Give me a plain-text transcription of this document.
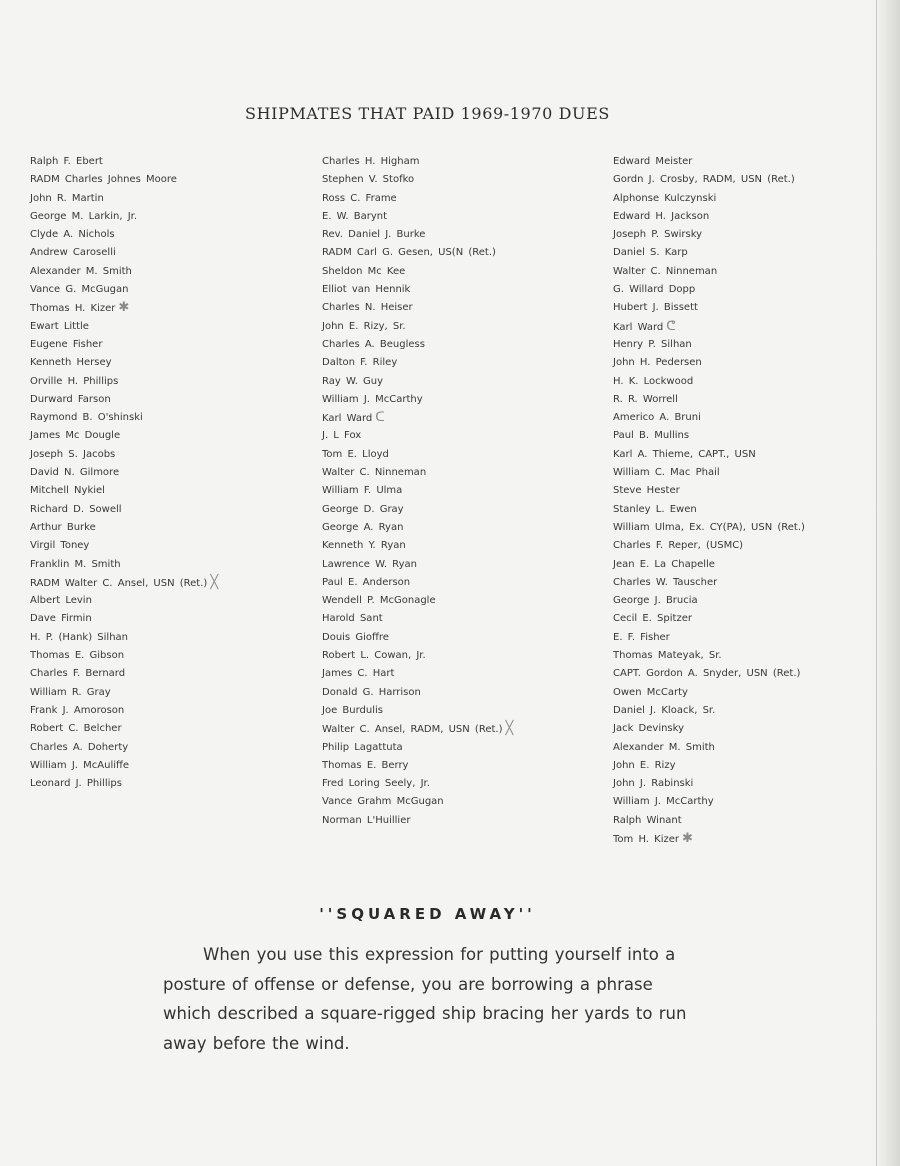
SHIPMATES THAT PAID 1969-1970 DUES
Ralph F. Ebert
RADM Charles Johnes Moore
John R. Martin
George M. Larkin, Jr.
Clyde A. Nichols
Andrew Caroselli
Alexander M. Smith
Vance G. McGugan
Thomas H. Kizer ✱
Ewart Little
Eugene Fisher
Kenneth Hersey
Orville H. Phillips
Durward Farson
Raymond B. O'shinski
James Mc Dougle
Joseph S. Jacobs
David N. Gilmore
Mitchell Nykiel
Richard D. Sowell
Arthur Burke
Virgil Toney
Franklin M. Smith
RADM Walter C. Ansel, USN (Ret.) ╳
Albert Levin
Dave Firmin
H. P. (Hank) Silhan
Thomas E. Gibson
Charles F. Bernard
William R. Gray
Frank J. Amoroson
Robert C. Belcher
Charles A. Doherty
William J. McAuliffe
Leonard J. Phillips
Charles H. Higham
Stephen V. Stofko
Ross C. Frame
E. W. Barynt
Rev. Daniel J. Burke
RADM Carl G. Gesen, US(N (Ret.)
Sheldon Mc Kee
Elliot van Hennik
Charles N. Heiser
John E. Rizy, Sr.
Charles A. Beugless
Dalton F. Riley
Ray W. Guy
William J. McCarthy
Karl Ward ᑕ
J. L Fox
Tom E. Lloyd
Walter C. Ninneman
William F. Ulma
George D. Gray
George A. Ryan
Kenneth Y. Ryan
Lawrence W. Ryan
Paul E. Anderson
Wendell P. McGonagle
Harold Sant
Douis Gioffre
Robert L. Cowan, Jr.
James C. Hart
Donald G. Harrison
Joe Burdulis
Walter C. Ansel, RADM, USN (Ret.) ╳
Philip Lagattuta
Thomas E. Berry
Fred Loring Seely, Jr.
Vance Grahm McGugan
Norman L'Huillier
Edward Meister
Gordn J. Crosby, RADM, USN (Ret.)
Alphonse Kulczynski
Edward H. Jackson
Joseph P. Swirsky
Daniel S. Karp
Walter C. Ninneman
G. Willard Dopp
Hubert J. Bissett
Karl Ward ᕦ
Henry P. Silhan
John H. Pedersen
H. K. Lockwood
R. R. Worrell
Americo A. Bruni
Paul B. Mullins
Karl A. Thieme, CAPT., USN
William C. Mac Phail
Steve Hester
Stanley L. Ewen
William Ulma, Ex. CY(PA), USN (Ret.)
Charles F. Reper, (USMC)
Jean E. La Chapelle
Charles W. Tauscher
George J. Brucia
Cecil E. Spitzer
E. F. Fisher
Thomas Mateyak, Sr.
CAPT. Gordon A. Snyder, USN (Ret.)
Owen McCarty
Daniel J. Kloack, Sr.
Jack Devinsky
Alexander M. Smith
John E. Rizy
John J. Rabinski
William J. McCarthy
Ralph Winant
Tom H. Kizer ✱
''SQUARED AWAY''
When you use this expression for putting yourself into a posture of offense or defense, you are borrowing a phrase which described a square-rigged ship bracing her yards to run away before the wind.
